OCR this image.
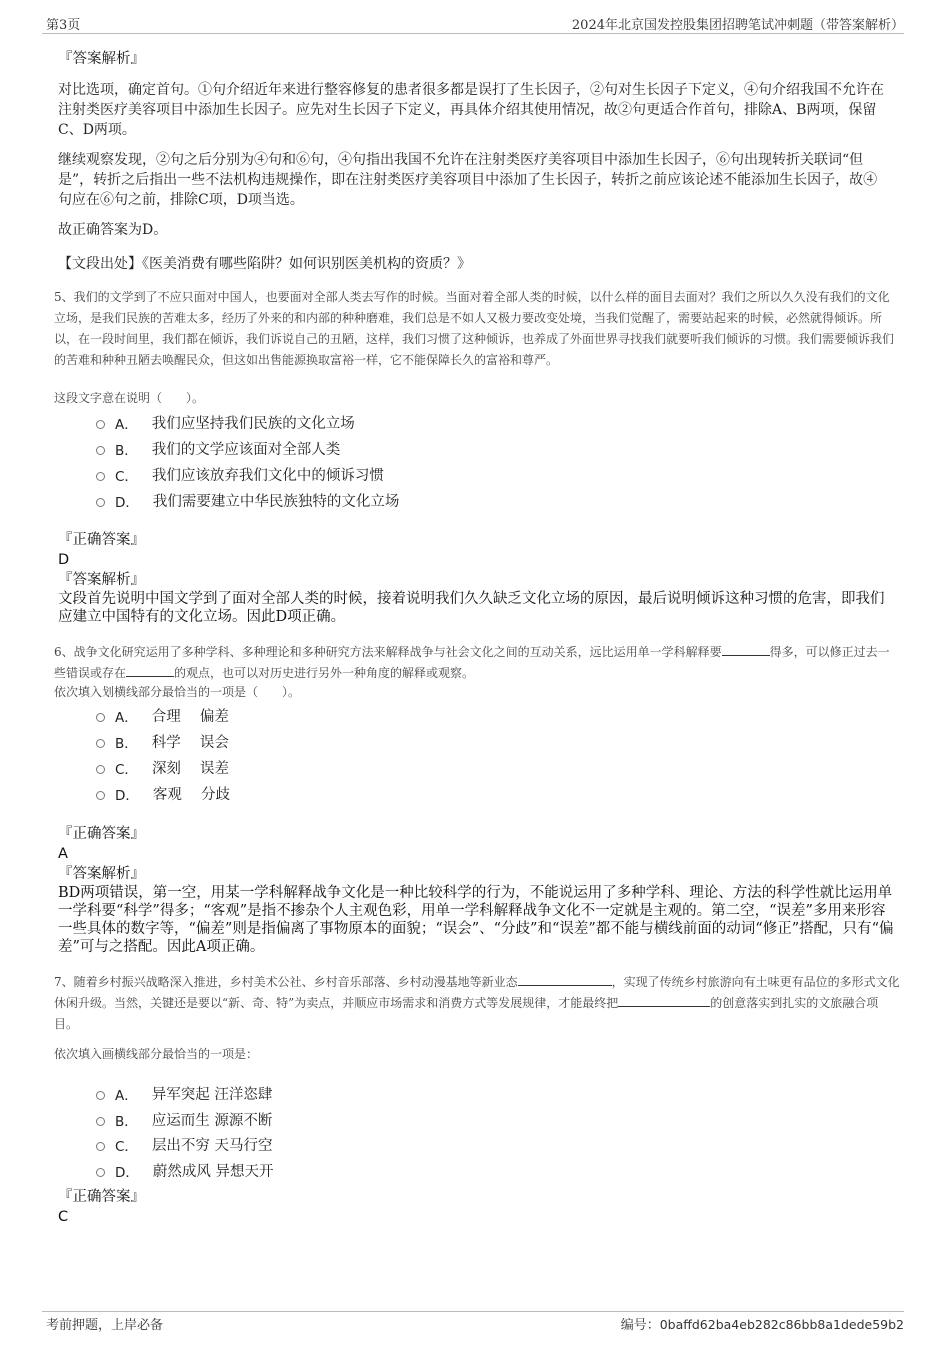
第3页	2024年北京国发控股集团招聘笔试冲刺题（带答案解析）
『答案解析』

对比选项，确定首句。①句介绍近年来进行整容修复的患者很多都是误打了生长因子，②句对生长因子下定义，④句介绍我国不允许在注射类医疗美容项目中添加生长因子。应先对生长因子下定义，再具体介绍其使用情况，故②句更适合作首句，排除A、B两项，保留C、D两项。

继续观察发现，②句之后分别为④句和⑥句，④句指出我国不允许在注射类医疗美容项目中添加生长因子，⑥句出现转折关联词“但是”，转折之后指出一些不法机构违规操作，即在注射类医疗美容项目中添加了生长因子，转折之前应该论述不能添加生长因子，故④句应在⑥句之前，排除C项，D项当选。

故正确答案为D。

【文段出处】《医美消费有哪些陷阱？如何识别医美机构的资质？》

5、我们的文学到了不应只面对中国人，也要面对全部人类去写作的时候。当面对着全部人类的时候，以什么样的面目去面对？我们之所以久久没有我们的文化立场，是我们民族的苦难太多，经历了外来的和内部的种种磨难，我们总是不如人又极力要改变处境，当我们觉醒了，需要站起来的时候，必然就得倾诉。所以，在一段时间里，我们都在倾诉，我们诉说自己的丑陋，这样，我们习惯了这种倾诉，也养成了外面世界寻找我们就要听我们倾诉的习惯。我们需要倾诉我们的苦难和种种丑陋去唤醒民众，但这如出售能源换取富裕一样，它不能保障长久的富裕和尊严。

这段文字意在说明（　　）。

A． 我们应坚持我们民族的文化立场
B． 我们的文学应该面对全部人类
C． 我们应该放弃我们文化中的倾诉习惯
D． 我们需要建立中华民族独特的文化立场
『正确答案』
D
『答案解析』

文段首先说明中国文学到了面对全部人类的时候，接着说明我们久久缺乏文化立场的原因，最后说明倾诉这种习惯的危害，即我们应建立中国特有的文化立场。因此D项正确。

6、战争文化研究运用了多种学科、多种理论和多种研究方法来解释战争与社会文化之间的互动关系，远比运用单一学科解释要	得多，可以修正过去一些错误或存在	的观点，也可以对历史进行另外一种角度的解释或观察。

依次填入划横线部分最恰当的一项是（　　）。

A． 合理　 偏差
B． 科学　 误会
C． 深刻　 误差
D． 客观　 分歧
『正确答案』
A
『答案解析』

BD两项错误，第一空，用某一学科解释战争文化是一种比较科学的行为，不能说运用了多种学科、理论、方法的科学性就比运用单一学科要“科学”得多；“客观”是指不掺杂个人主观色彩，用单一学科解释战争文化不一定就是主观的。第二空，“误差”多用来形容一些具体的数字等，“偏差”则是指偏离了事物原本的面貌；“误会”、“分歧”和“误差”都不能与横线前面的动词“修正”搭配，只有“偏差”可与之搭配。因此A项正确。

7、随着乡村振兴战略深入推进，乡村美术公社、乡村音乐部落、乡村动漫基地等新业态	，实现了传统乡村旅游向有土味更有品位的多形式文化休闲升级。当然，关键还是要以“新、奇、特”为卖点，并顺应市场需求和消费方式等发展规律，才能最终把	的创意落实到扎实的文旅融合项目。

依次填入画横线部分最恰当的一项是：

A． 异军突起 汪洋恣肆
B． 应运而生 源源不断
C． 层出不穷 天马行空
D． 蔚然成风 异想天开
『正确答案』
C
考前押题，上岸必备	编号：0baffd62ba4eb282c86bb8a1dede59b2
